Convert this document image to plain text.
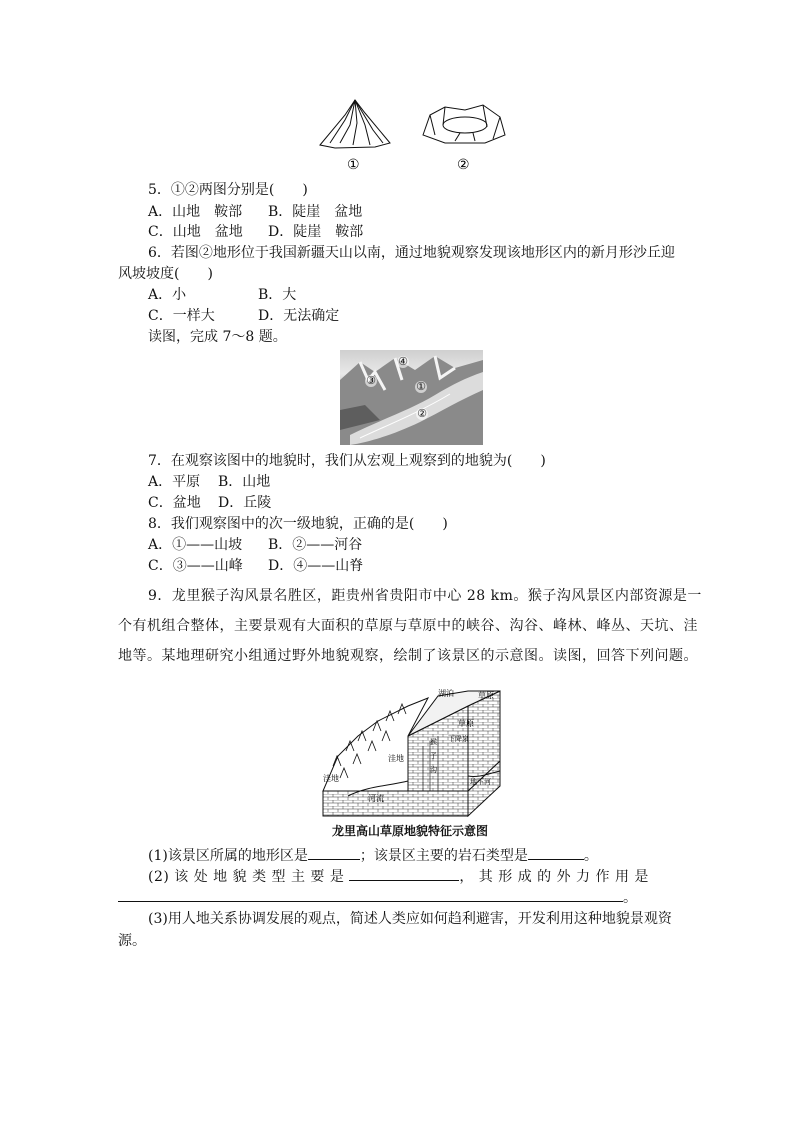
①	②
5．①②两图分别是(　　)
A．山地　鞍部 B．陡崖　盆地
C．山地　盆地 D．陡崖　鞍部
6．若图②地形位于我国新疆天山以南，通过地貌观察发现该地形区内的新月形沙丘迎
风坡坡度(　　)
A．小	B．大
C．一样大	D．无法确定
读图，完成 7～8 题。
④
③	①
②
7．在观察该图中的地貌时，我们从宏观上观察到的地貌为(　　)
A．平原 B．山地
C．盆地 D．丘陵
8．我们观察图中的次一级地貌，正确的是(　　)
A．①——山坡 B．②——河谷
C．③——山峰 D．④——山脊
9．龙里猴子沟风景名胜区，距贵州省贵阳市中心 28 km。猴子沟风景区内部资源是一
个有机组合整体，主要景观有大面积的草原与草原中的峡谷、沟谷、峰林、峰丛、天坑、洼
地等。某地理研究小组通过野外地貌观察，绘制了该景区的示意图。读图，回答下列问题。
湖泊	草原
草原
猴 下降泉
子
沟
洼地
洼地
河流
地下河
龙里高山草原地貌特征示意图
(1)该景区所属的地形区是	；该景区主要的岩石类型是	。
(2) 该 处 地 貌 类 型 主 要 是	， 其 形 成 的 外 力 作 用 是
。
(3)用人地关系协调发展的观点，简述人类应如何趋利避害，开发利用这种地貌景观资
源。
